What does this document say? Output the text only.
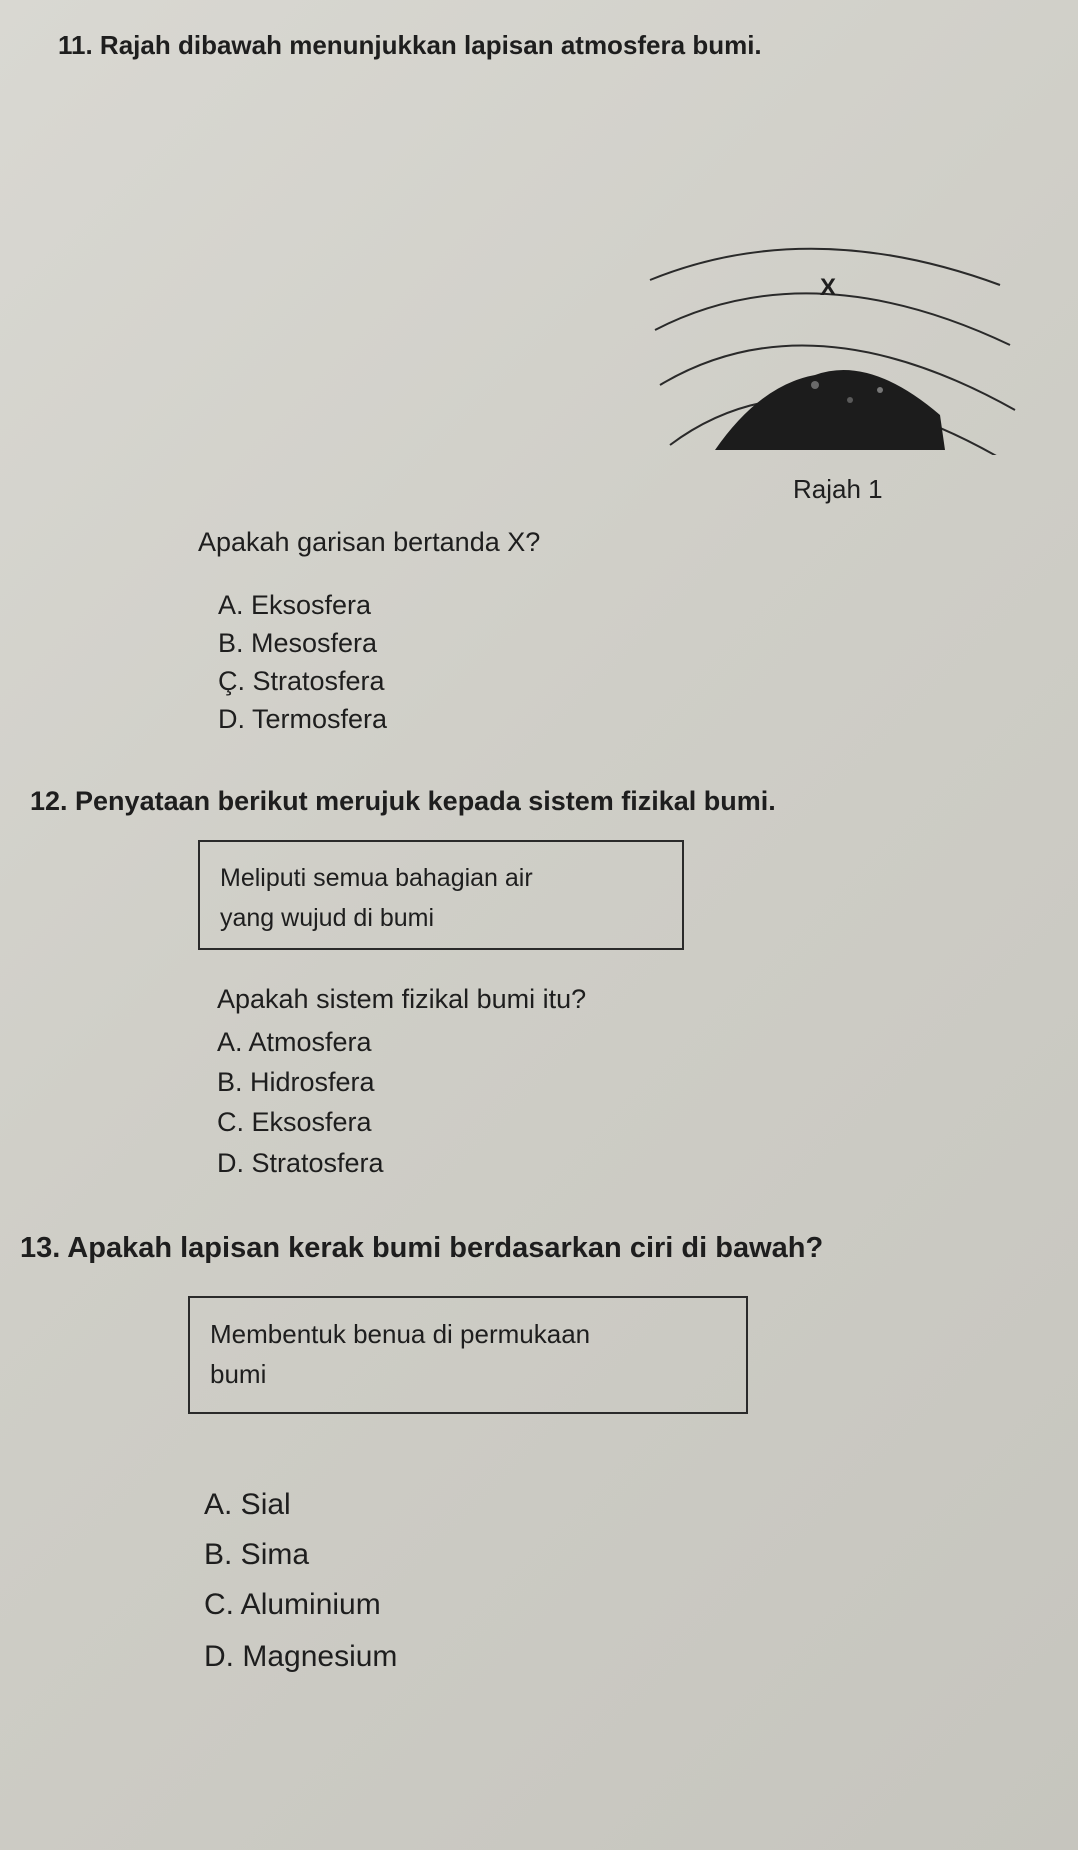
11. Rajah dibawah menunjukkan lapisan atmosfera bumi.
X
Rajah 1
Apakah garisan bertanda X?
A. Eksosfera
B. Mesosfera
Ç. Stratosfera
D. Termosfera
12. Penyataan berikut merujuk kepada sistem fizikal bumi.
Meliputi semua bahagian air
yang wujud di bumi
Apakah sistem fizikal bumi itu?
A. Atmosfera
B. Hidrosfera
C. Eksosfera
D. Stratosfera
13. Apakah lapisan kerak bumi berdasarkan ciri di bawah?
Membentuk benua di permukaan
bumi
A. Sial
B. Sima
C. Aluminium
D. Magnesium
